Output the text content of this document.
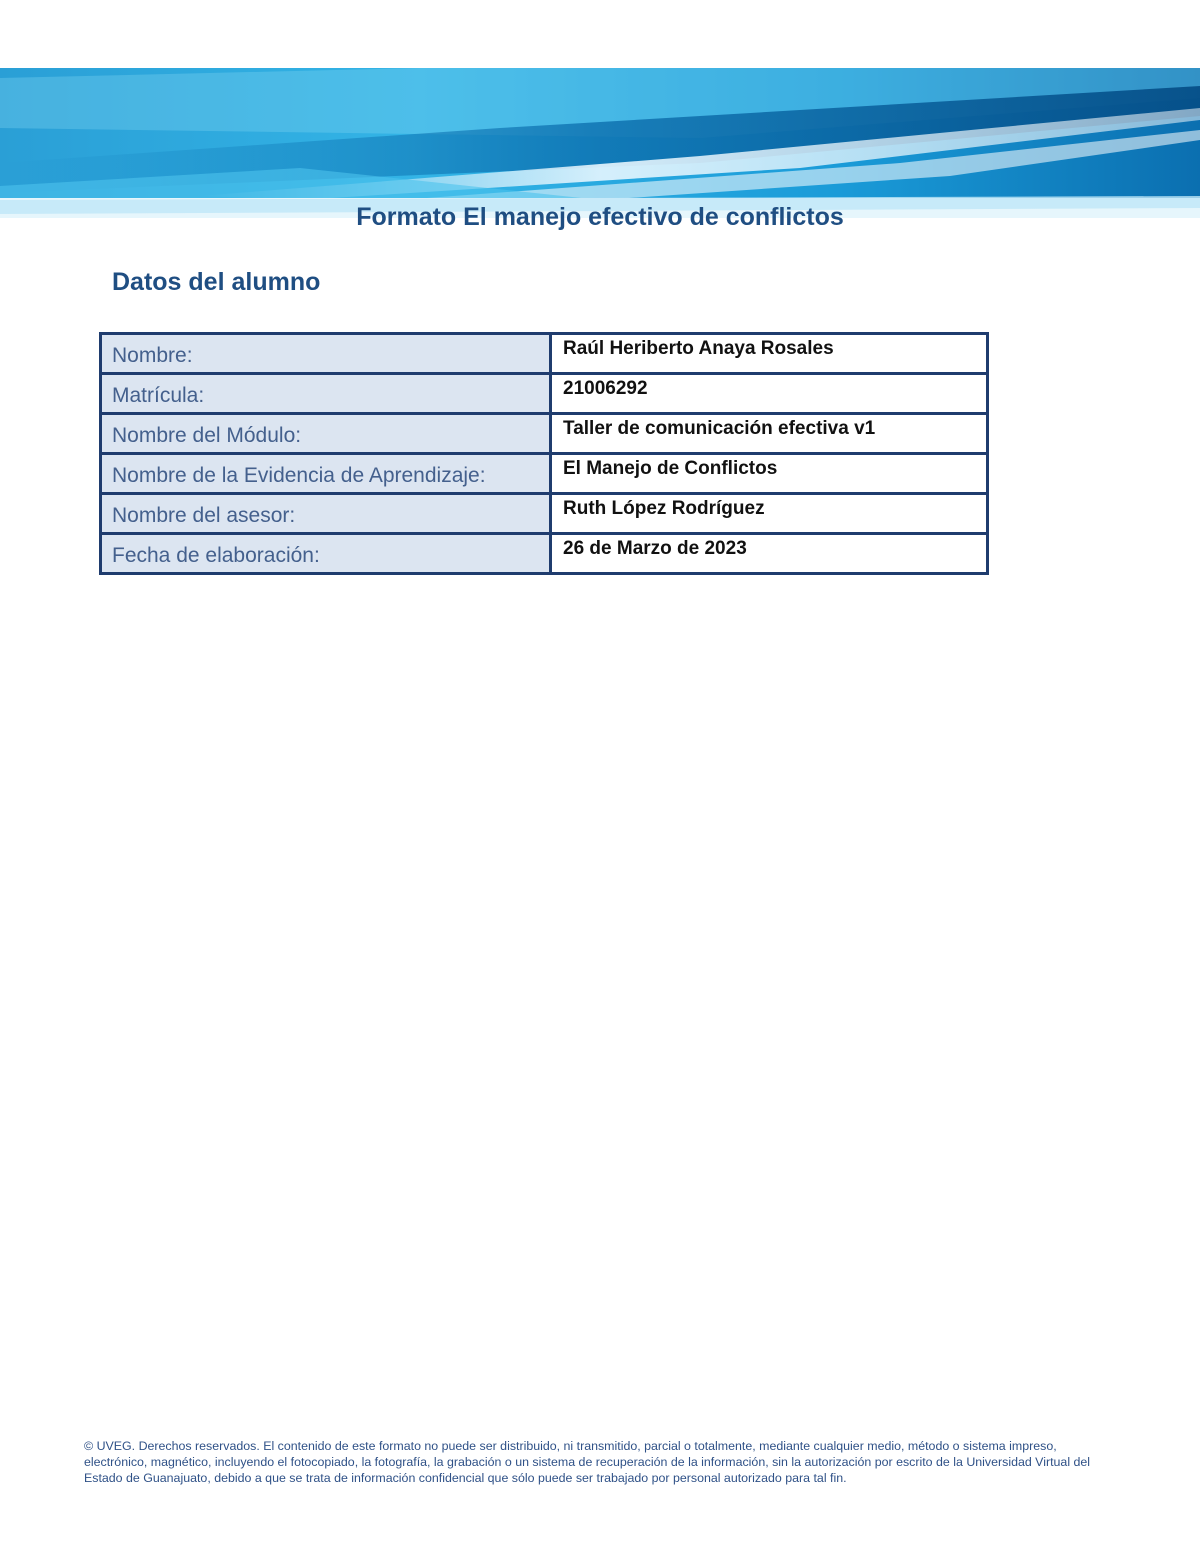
Formato El manejo efectivo de conflictos
Datos del alumno
Nombre:	Raúl Heriberto Anaya Rosales
Matrícula:	21006292
Nombre del Módulo:	Taller de comunicación efectiva v1
Nombre de la Evidencia de Aprendizaje:	El Manejo de Conflictos
Nombre del asesor:	Ruth López Rodríguez
Fecha de elaboración:	26 de Marzo de 2023

© UVEG. Derechos reservados. El contenido de este formato no puede ser distribuido, ni transmitido, parcial o totalmente, mediante cualquier medio, método o sistema impreso, electrónico, magnético, incluyendo el fotocopiado, la fotografía, la grabación o un sistema de recuperación de la información, sin la autorización por escrito de la Universidad Virtual del Estado de Guanajuato, debido a que se trata de información confidencial que sólo puede ser trabajado por personal autorizado para tal fin.
